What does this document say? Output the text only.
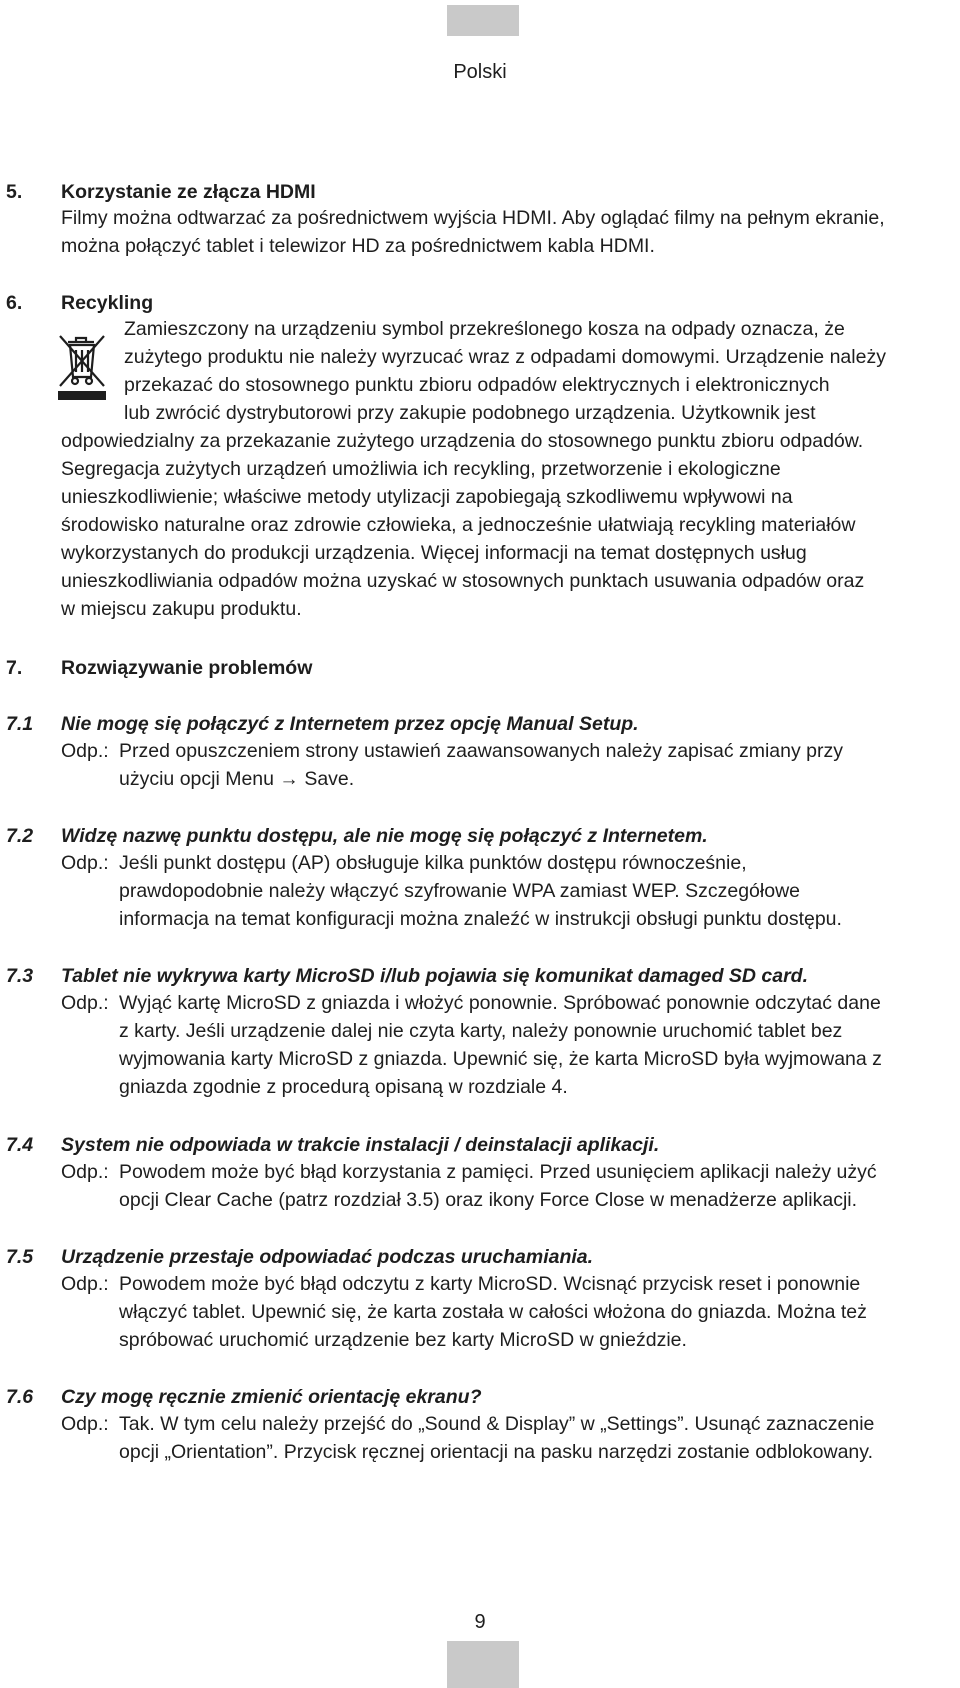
Polski
5. Korzystanie ze złącza HDMI
Filmy można odtwarzać za pośrednictwem wyjścia HDMI. Aby oglądać filmy na pełnym ekranie,
można połączyć tablet i telewizor HD za pośrednictwem kabla HDMI.
6. Recykling
Zamieszczony na urządzeniu symbol przekreślonego kosza na odpady oznacza, że
zużytego produktu nie należy wyrzucać wraz z odpadami domowymi. Urządzenie należy
przekazać do stosownego punktu zbioru odpadów elektrycznych i elektronicznych
lub zwrócić dystrybutorowi przy zakupie podobnego urządzenia. Użytkownik jest
odpowiedzialny za przekazanie zużytego urządzenia do stosownego punktu zbioru odpadów.
Segregacja zużytych urządzeń umożliwia ich recykling, przetworzenie i ekologiczne
unieszkodliwienie; właściwe metody utylizacji zapobiegają szkodliwemu wpływowi na
środowisko naturalne oraz zdrowie człowieka, a jednocześnie ułatwiają recykling materiałów
wykorzystanych do produkcji urządzenia. Więcej informacji na temat dostępnych usług
unieszkodliwiania odpadów można uzyskać w stosownych punktach usuwania odpadów oraz
w miejscu zakupu produktu.
7. Rozwiązywanie problemów
7.1 Nie mogę się połączyć z Internetem przez opcję Manual Setup.
Odp.: Przed opuszczeniem strony ustawień zaawansowanych należy zapisać zmiany przy
użyciu opcji Menu → Save.
7.2 Widzę nazwę punktu dostępu, ale nie mogę się połączyć z Internetem.
Odp.: Jeśli punkt dostępu (AP) obsługuje kilka punktów dostępu równocześnie,
prawdopodobnie należy włączyć szyfrowanie WPA zamiast WEP. Szczegółowe
informacja na temat konfiguracji można znaleźć w instrukcji obsługi punktu dostępu.
7.3 Tablet nie wykrywa karty MicroSD i/lub pojawia się komunikat damaged SD card.
Odp.: Wyjąć kartę MicroSD z gniazda i włożyć ponownie. Spróbować ponownie odczytać dane
z karty. Jeśli urządzenie dalej nie czyta karty, należy ponownie uruchomić tablet bez
wyjmowania karty MicroSD z gniazda. Upewnić się, że karta MicroSD była wyjmowana z
gniazda zgodnie z procedurą opisaną w rozdziale 4.
7.4 System nie odpowiada w trakcie instalacji / deinstalacji aplikacji.
Odp.: Powodem może być błąd korzystania z pamięci. Przed usunięciem aplikacji należy użyć
opcji Clear Cache (patrz rozdział 3.5) oraz ikony Force Close w menadżerze aplikacji.
7.5 Urządzenie przestaje odpowiadać podczas uruchamiania.
Odp.: Powodem może być błąd odczytu z karty MicroSD. Wcisnąć przycisk reset i ponownie
włączyć tablet. Upewnić się, że karta została w całości włożona do gniazda. Można też
spróbować uruchomić urządzenie bez karty MicroSD w gnieździe.
7.6 Czy mogę ręcznie zmienić orientację ekranu?
Odp.: Tak. W tym celu należy przejść do „Sound & Display” w „Settings”. Usunąć zaznaczenie
opcji „Orientation”. Przycisk ręcznej orientacji na pasku narzędzi zostanie odblokowany.
9
